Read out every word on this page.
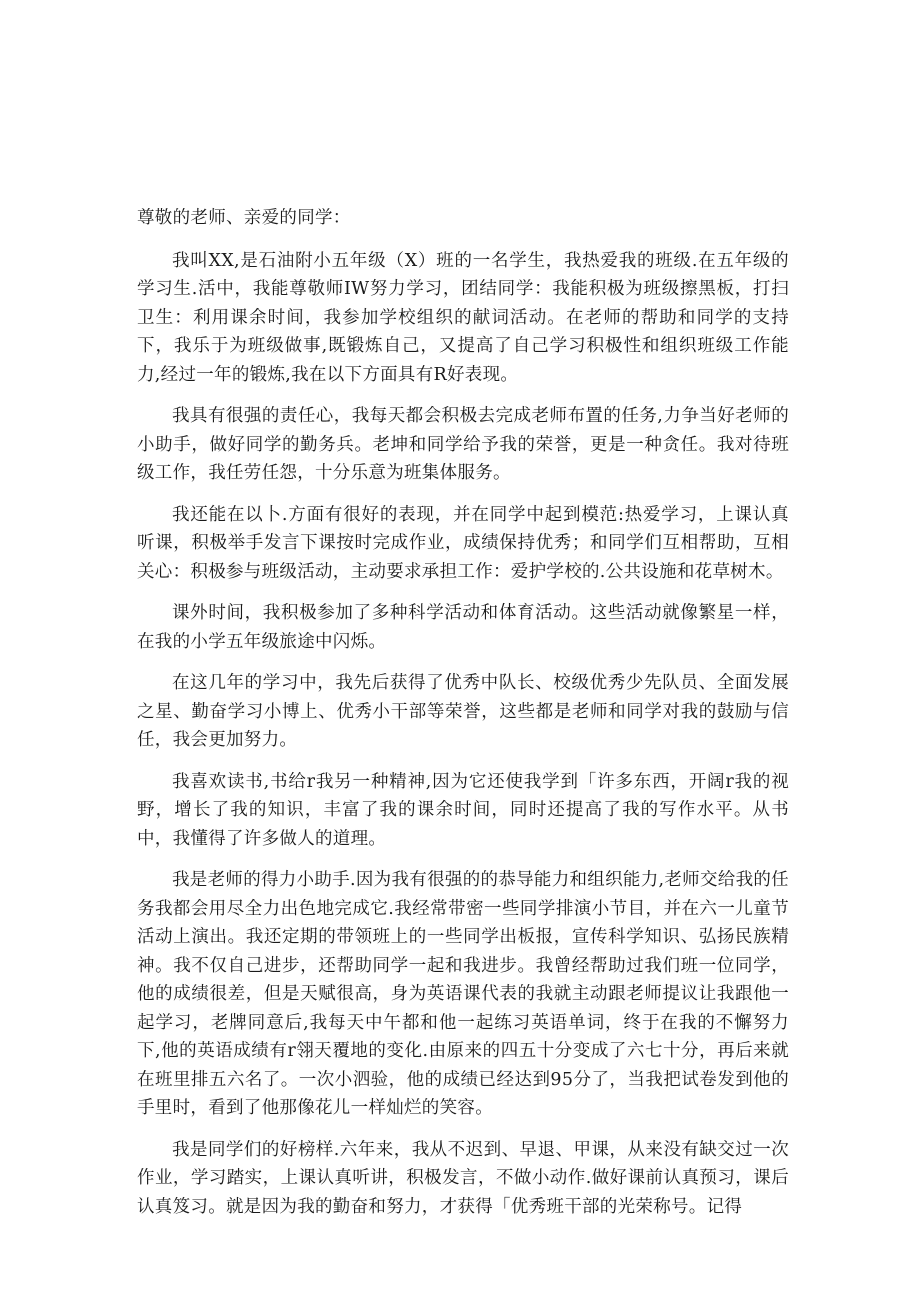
尊敬的老师、亲爱的同学：

我叫XX,是石油附小五年级（X）班的一名学生，我热爱我的班级.在五年级的学习生.活中，我能尊敬师IW努力学习，团结同学：我能积极为班级擦黑板，打扫卫生：利用课余时间，我参加学校组织的献词活动。在老师的帮助和同学的支持下，我乐于为班级做事,既锻炼自己，又提高了自己学习积极性和组织班级工作能力,经过一年的锻炼,我在以下方面具有R好表现。

我具有很强的责任心，我每天都会积极去完成老师布置的任务,力争当好老师的小助手，做好同学的勤务兵。老坤和同学给予我的荣誉，更是一种贪任。我对待班级工作，我任劳任怨，十分乐意为班集体服务。

我还能在以卜.方面有很好的表现，并在同学中起到模范:热爱学习，上课认真听课，积极举手发言下课按时完成作业，成绩保持优秀；和同学们互相帮助，互相关心：积极参与班级活动，主动要求承担工作：爱护学校的.公共设施和花草树木。

课外时间，我积极参加了多种科学活动和体育活动。这些活动就像繁星一样，在我的小学五年级旅途中闪烁。

在这几年的学习中，我先后获得了优秀中队长、校级优秀少先队员、全面发展之星、勤奋学习小博上、优秀小干部等荣誉，这些都是老师和同学对我的鼓励与信任，我会更加努力。

我喜欢读书,书给r我另一种精神,因为它还使我学到「许多东西，开阔r我的视野，增长了我的知识，丰富了我的课余时间，同时还提高了我的写作水平。从书中，我懂得了许多做人的道理。

我是老师的得力小助手.因为我有很强的的恭导能力和组织能力,老师交给我的任务我都会用尽全力出色地完成它.我经常带密一些同学排演小节目，并在六一儿童节活动上演出。我还定期的带领班上的一些同学出板报，宣传科学知识、弘扬民族精神。我不仅自己进步，还帮助同学一起和我进步。我曾经帮助过我们班一位同学，他的成绩很差，但是天赋很高，身为英语课代表的我就主动跟老师提议让我跟他一起学习，老牌同意后,我每天中午都和他一起练习英语单词，终于在我的不懈努力下,他的英语成绩有r翎天覆地的变化.由原来的四五十分变成了六七十分，再后来就在班里排五六名了。一次小泗验，他的成绩已经达到95分了，当我把试卷发到他的手里时，看到了他那像花儿一样灿烂的笑容。

我是同学们的好榜样.六年来，我从不迟到、早退、甲课，从来没有缺交过一次作业，学习踏实，上课认真听讲，积极发言，不做小动作.做好课前认真预习，课后认真笈习。就是因为我的勤奋和努力，才获得「优秀班干部的光荣称号。记得
